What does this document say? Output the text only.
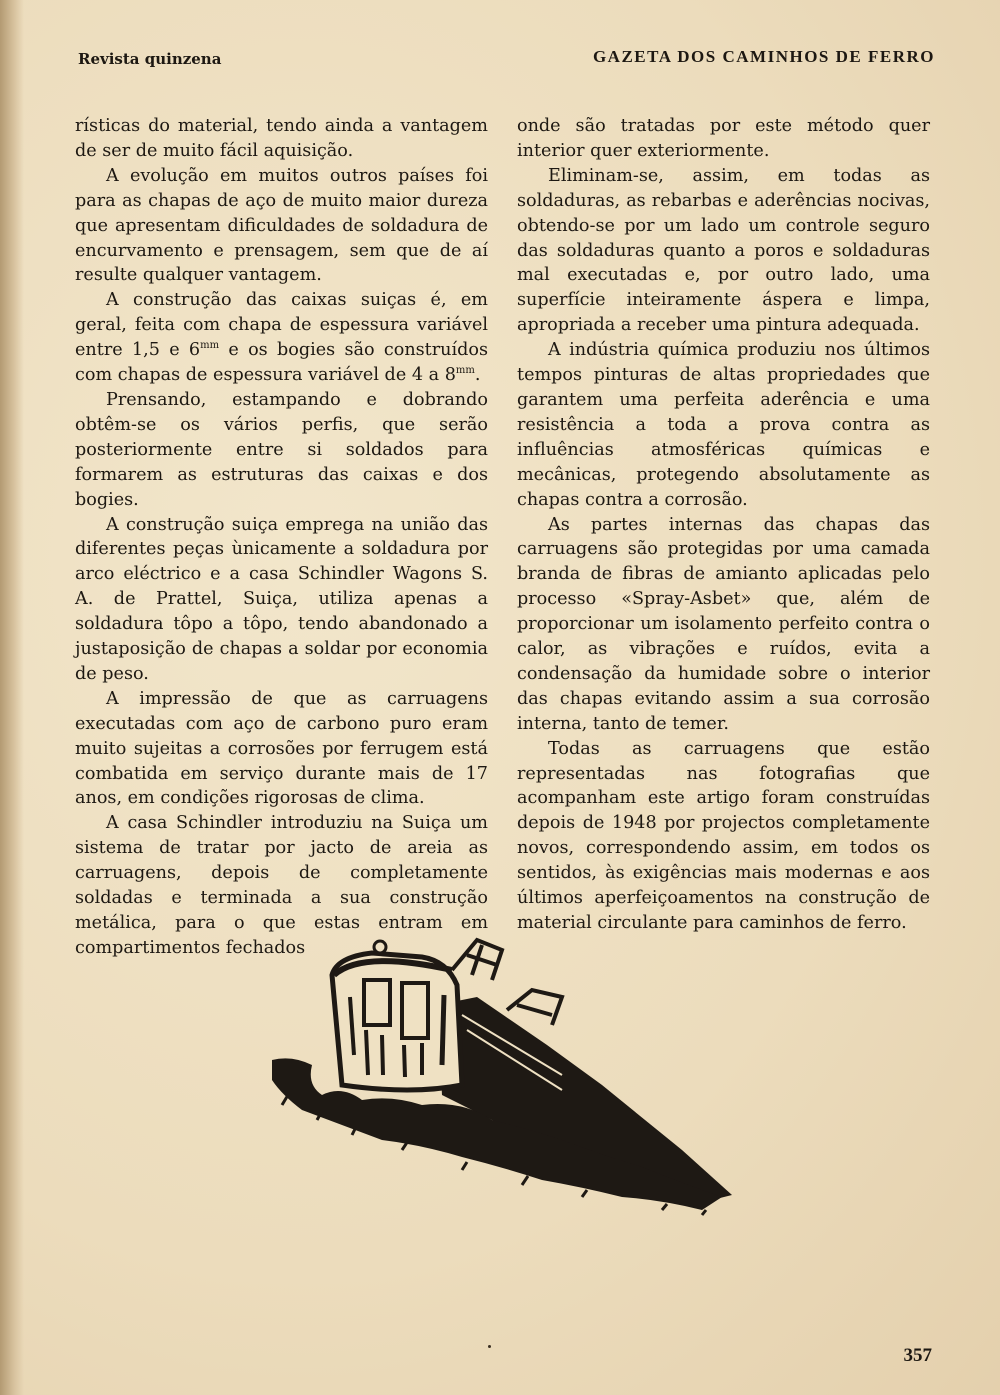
Revista quinzena	GAZETA DOS CAMINHOS DE FERRO

rísticas do material, tendo ainda a vantagem de ser de muito fácil aquisição.

A evolução em muitos outros países foi para as chapas de aço de muito maior dureza que apresentam dificuldades de soldadura de encurvamento e prensagem, sem que de aí resulte qualquer vantagem.

A construção das caixas suiças é, em geral, feita com chapa de espessura variável entre 1,5 e $6^{mm}$ e os bogies são construídos com chapas de espessura variável de 4 a $8^{mm}$.

Prensando, estampando e dobrando obtêm-se os vários perfis, que serão posteriormente entre si soldados para formarem as estruturas das caixas e dos bogies.

A construção suiça emprega na união das diferentes peças ùnicamente a soldadura por arco eléctrico e a casa Schindler Wagons S. A. de Prattel, Suiça, utiliza apenas a soldadura tôpo a tôpo, tendo abandonado a justaposição de chapas a soldar por economia de peso.

A impressão de que as carruagens executadas com aço de carbono puro eram muito sujeitas a corrosões por ferrugem está combatida em serviço durante mais de 17 anos, em condições rigorosas de clima.

A casa Schindler introduziu na Suiça um sistema de tratar por jacto de areia as carruagens, depois de completamente soldadas e terminada a sua construção metálica, para o que estas entram em compartimentos fechados

onde são tratadas por este método quer interior quer exteriormente.

Eliminam-se, assim, em todas as soldaduras, as rebarbas e aderências nocivas, obtendo-se por um lado um controle seguro das soldaduras quanto a poros e soldaduras mal executadas e, por outro lado, uma superfície inteiramente áspera e limpa, apropriada a receber uma pintura adequada.

A indústria química produziu nos últimos tempos pinturas de altas propriedades que garantem uma perfeita aderência e uma resistência a toda a prova contra as influências atmosféricas químicas e mecânicas, protegendo absolutamente as chapas contra a corrosão.

As partes internas das chapas das carruagens são protegidas por uma camada branda de fibras de amianto aplicadas pelo processo «Spray-Asbet» que, além de proporcionar um isolamento perfeito contra o calor, as vibrações e ruídos, evita a condensação da humidade sobre o interior das chapas evitando assim a sua corrosão interna, tanto de temer.

Todas as carruagens que estão representadas nas fotografias que acompanham este artigo foram construídas depois de 1948 por projectos completamente novos, correspondendo assim, em todos os sentidos, às exigências mais modernas e aos últimos aperfeiçoamentos na construção de material circulante para caminhos de ferro.

357
